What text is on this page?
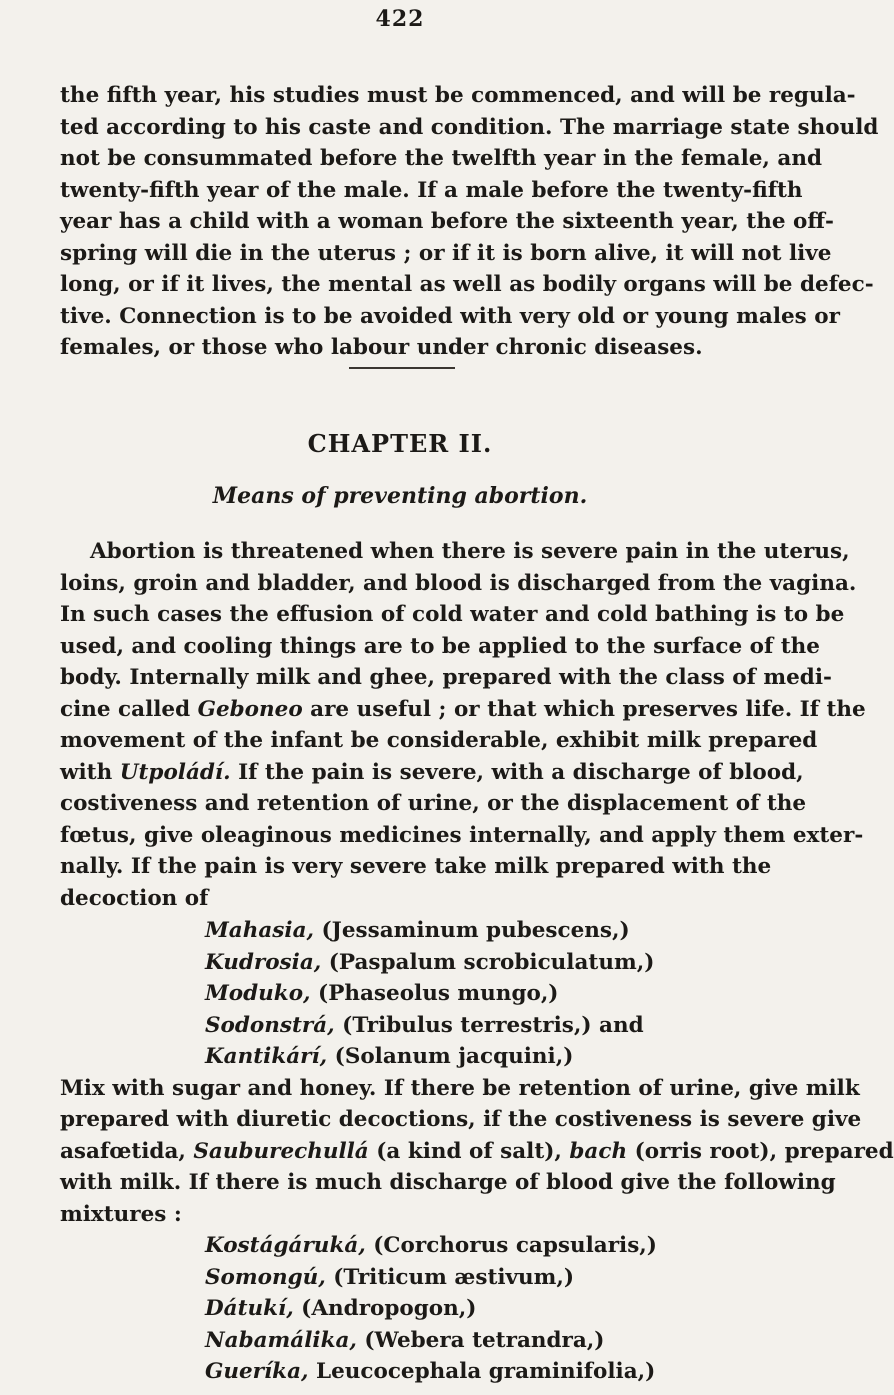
422
the fifth year, his studies must be commenced, and will be regula-
ted according to his caste and condition. The marriage state should
not be consummated before the twelfth year in the female, and
twenty-fifth year of the male. If a male before the twenty-fifth
year has a child with a woman before the sixteenth year, the off-
spring will die in the uterus ; or if it is born alive, it will not live
long, or if it lives, the mental as well as bodily organs will be defec-
tive. Connection is to be avoided with very old or young males or
females, or those who labour under chronic diseases.
CHAPTER II.
Means of preventing abortion.
Abortion is threatened when there is severe pain in the uterus,
loins, groin and bladder, and blood is discharged from the vagina.
In such cases the effusion of cold water and cold bathing is to be
used, and cooling things are to be applied to the surface of the
body. Internally milk and ghee, prepared with the class of medi-
cine called Geboneo are useful ; or that which preserves life. If the
movement of the infant be considerable, exhibit milk prepared
with Utpoládí. If the pain is severe, with a discharge of blood,
costiveness and retention of urine, or the displacement of the
fœtus, give oleaginous medicines internally, and apply them exter-
nally. If the pain is very severe take milk prepared with the
decoction of
Mahasia, (Jessaminum pubescens,)
Kudrosia, (Paspalum scrobiculatum,)
Moduko, (Phaseolus mungo,)
Sodonstrá, (Tribulus terrestris,) and
Kantikárí, (Solanum jacquini,)
Mix with sugar and honey. If there be retention of urine, give milk
prepared with diuretic decoctions, if the costiveness is severe give
asafœtida, Sauburechullá (a kind of salt), bach (orris root), prepared
with milk. If there is much discharge of blood give the following
mixtures :
Kostágáruká, (Corchorus capsularis,)
Somongú, (Triticum æstivum,)
Dátukí, (Andropogon,)
Nabamálika, (Webera tetrandra,)
Gueríka, Leucocephala graminifolia,)
